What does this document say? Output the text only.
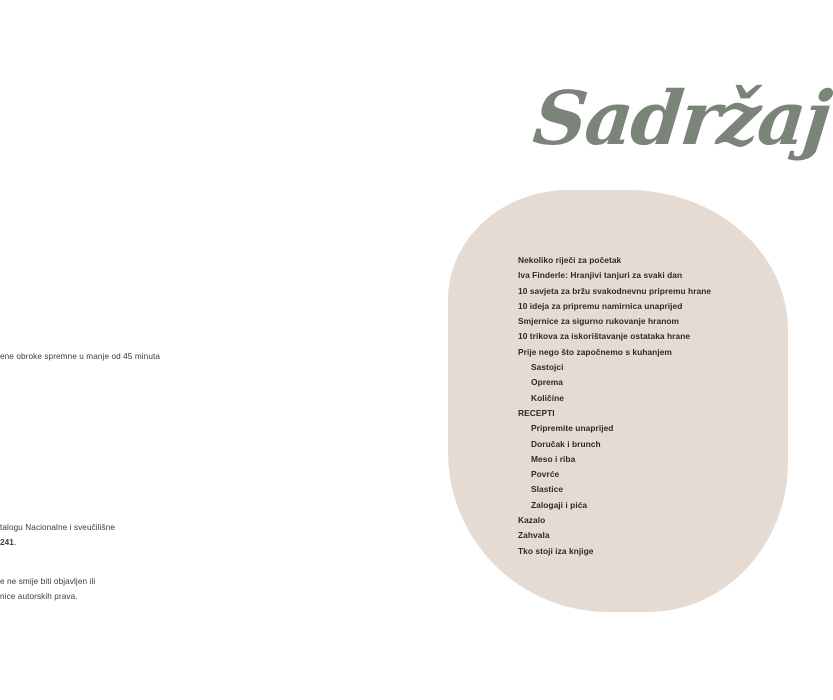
ene obroke spremne u manje od 45 minuta
talogu Nacionalne i sveučilišne
241.
e ne smije biti objavljen ili
nice autorskih prava.
Sadržaj
Nekoliko riječi za početak
Iva Finderle: Hranjivi tanjuri za svaki dan
10 savjeta za bržu svakodnevnu pripremu hrane
10 ideja za pripremu namirnica unaprijed
Smjernice za sigurno rukovanje hranom
10 trikova za iskorištavanje ostataka hrane
Prije nego što započnemo s kuhanjem
Sastojci
Oprema
Količine
RECEPTI
Pripremite unaprijed
Doručak i brunch
Meso i riba
Povrće
Slastice
Zalogaji i pića
Kazalo
Zahvala
Tko stoji iza knjige
